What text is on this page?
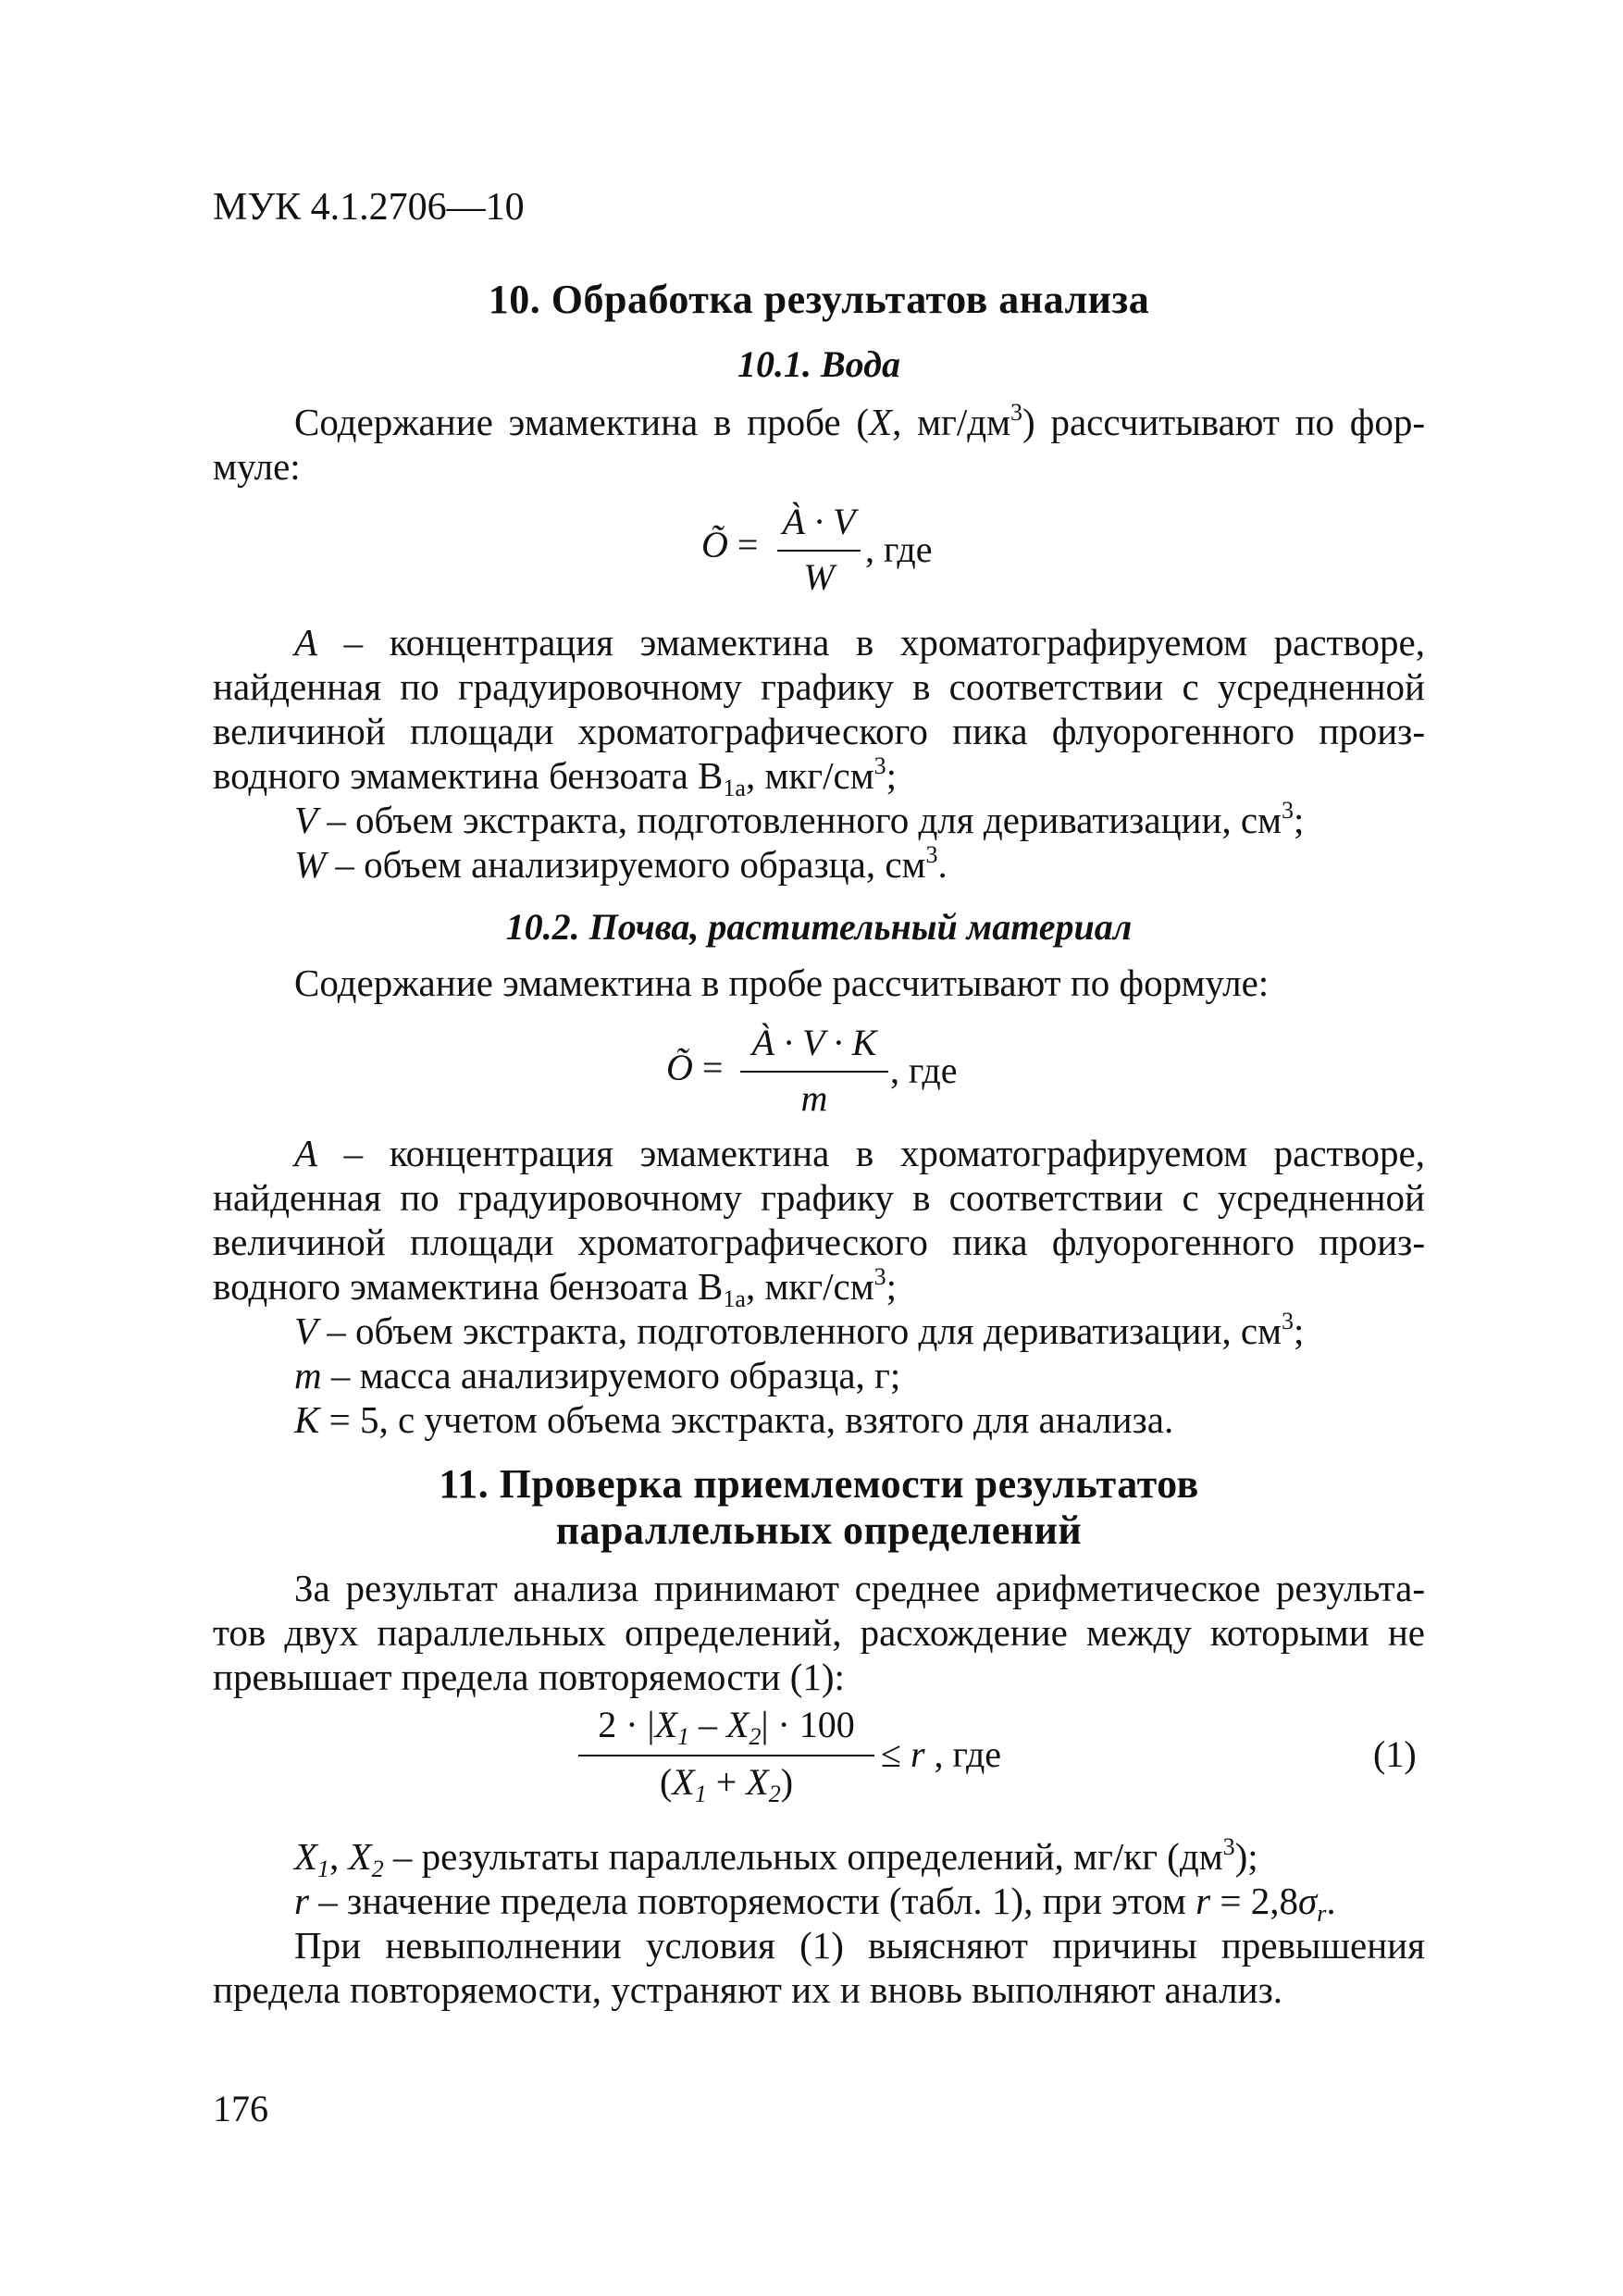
МУК 4.1.2706—10
10. Обработка результатов анализа
10.1. Вода
Содержание эмамектина в пробе (X, $мг/дм^3$) рассчитывают по фор-
муле:
Õ =
À · V
W
, где
A – концентрация эмамектина в хроматографируемом растворе,
найденная по градуировочному графику в соответствии с усредненной
величиной площади хроматографического пика флуорогенного произ-
водного эмамектина бензоата $B_{1a}$, мкг/$см^3$;
V – объем экстракта, подготовленного для дериватизации, $см^3$;
W – объем анализируемого образца, $см^3$.
10.2. Почва, растительный материал
Содержание эмамектина в пробе рассчитывают по формуле:
Õ =
À · V · K
m
, где
A – концентрация эмамектина в хроматографируемом растворе,
найденная по градуировочному графику в соответствии с усредненной
величиной площади хроматографического пика флуорогенного произ-
водного эмамектина бензоата $B_{1a}$, мкг/$см^3$;
V – объем экстракта, подготовленного для дериватизации, $см^3$;
m – масса анализируемого образца, г;
K = 5, с учетом объема экстракта, взятого для анализа.
11. Проверка приемлемости результатов
параллельных определений
За результат анализа принимают среднее арифметическое результа-
тов двух параллельных определений, расхождение между которыми не
превышает предела повторяемости (1):
$2 \cdot |X_1 - X_2| \cdot 100$
$(X_1 + X_2)$
≤ r , где	(1)
$X_1$, $X_2$ – результаты параллельных определений, мг/кг $(дм^3)$;
r – значение предела повторяемости (табл. 1), при этом $r = 2,8\sigma_r$.
При невыполнении условия (1) выясняют причины превышения
предела повторяемости, устраняют их и вновь выполняют анализ.
176
